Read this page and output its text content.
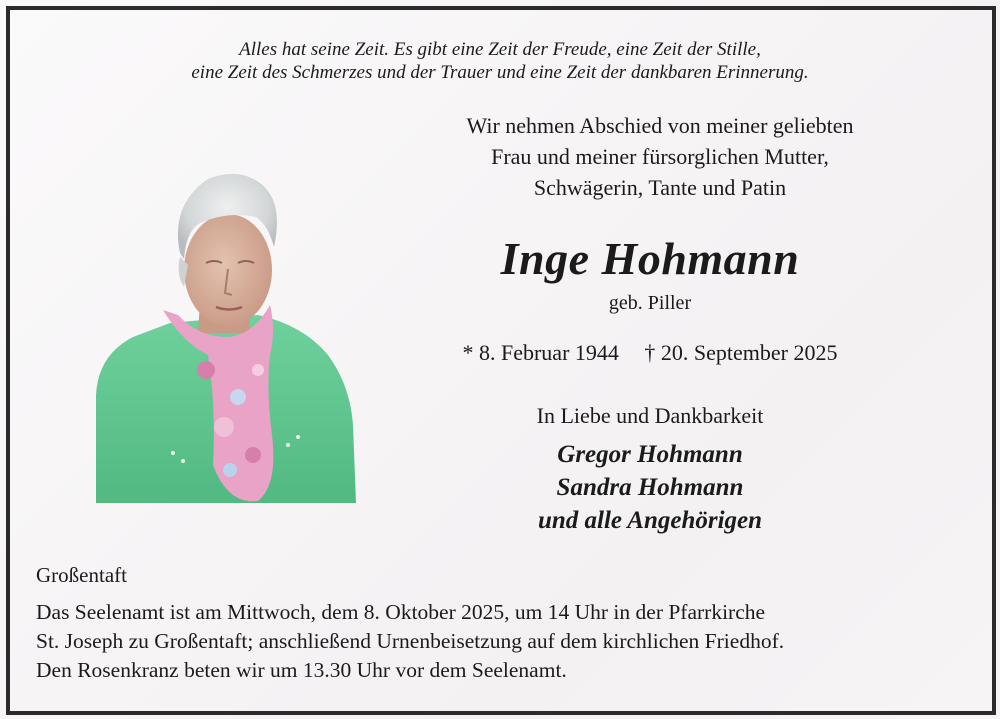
Alles hat seine Zeit. Es gibt eine Zeit der Freude, eine Zeit der Stille,
eine Zeit des Schmerzes und der Trauer und eine Zeit der dankbaren Erinnerung.
Wir nehmen Abschied von meiner geliebten
Frau und meiner fürsorglichen Mutter,
Schwägerin, Tante und Patin
Inge Hohmann
geb. Piller
* 8. Februar 1944 † 20. September 2025
In Liebe und Dankbarkeit
Gregor Hohmann
Sandra Hohmann
und alle Angehörigen
Großentaft
Das Seelenamt ist am Mittwoch, dem 8. Oktober 2025, um 14 Uhr in der Pfarrkirche
St. Joseph zu Großentaft; anschließend Urnenbeisetzung auf dem kirchlichen Friedhof.
Den Rosenkranz beten wir um 13.30 Uhr vor dem Seelenamt.
